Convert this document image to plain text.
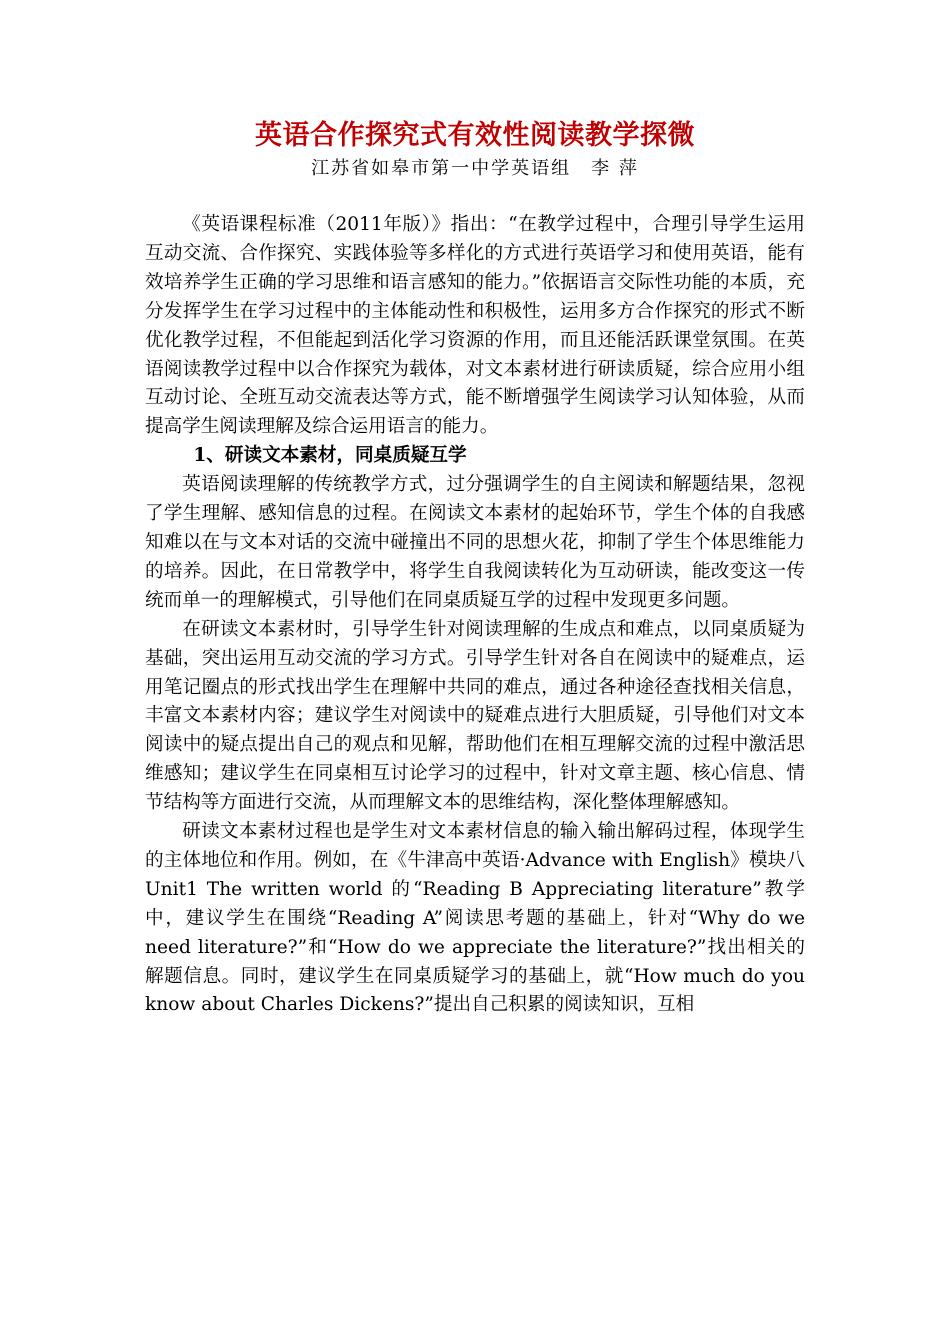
英语合作探究式有效性阅读教学探微
江苏省如皋市第一中学英语组　李 萍

《英语课程标准（2011年版）》指出：“在教学过程中，合理引导学生运用互动交流、合作探究、实践体验等多样化的方式进行英语学习和使用英语，能有效培养学生正确的学习思维和语言感知的能力。”依据语言交际性功能的本质，充分发挥学生在学习过程中的主体能动性和积极性，运用多方合作探究的形式不断优化教学过程，不但能起到活化学习资源的作用，而且还能活跃课堂氛围。在英语阅读教学过程中以合作探究为载体，对文本素材进行研读质疑，综合应用小组互动讨论、全班互动交流表达等方式，能不断增强学生阅读学习认知体验，从而提高学生阅读理解及综合运用语言的能力。

1、研读文本素材，同桌质疑互学

英语阅读理解的传统教学方式，过分强调学生的自主阅读和解题结果，忽视了学生理解、感知信息的过程。在阅读文本素材的起始环节，学生个体的自我感知难以在与文本对话的交流中碰撞出不同的思想火花，抑制了学生个体思维能力的培养。因此，在日常教学中，将学生自我阅读转化为互动研读，能改变这一传统而单一的理解模式，引导他们在同桌质疑互学的过程中发现更多问题。

在研读文本素材时，引导学生针对阅读理解的生成点和难点，以同桌质疑为基础，突出运用互动交流的学习方式。引导学生针对各自在阅读中的疑难点，运用笔记圈点的形式找出学生在理解中共同的难点，通过各种途径查找相关信息，丰富文本素材内容；建议学生对阅读中的疑难点进行大胆质疑，引导他们对文本阅读中的疑点提出自己的观点和见解，帮助他们在相互理解交流的过程中激活思维感知；建议学生在同桌相互讨论学习的过程中，针对文章主题、核心信息、情节结构等方面进行交流，从而理解文本的思维结构，深化整体理解感知。

研读文本素材过程也是学生对文本素材信息的输入输出解码过程，体现学生的主体地位和作用。例如，在《牛津高中英语·Advance with English》模块八 Unit1 The written world 的“Reading B Appreciating literature”教学中，建议学生在围绕“Reading A”阅读思考题的基础上，针对“Why do we need literature?”和“How do we appreciate the literature?”找出相关的解题信息。同时，建议学生在同桌质疑学习的基础上，就“How much do you know about Charles Dickens?”提出自己积累的阅读知识，互相
